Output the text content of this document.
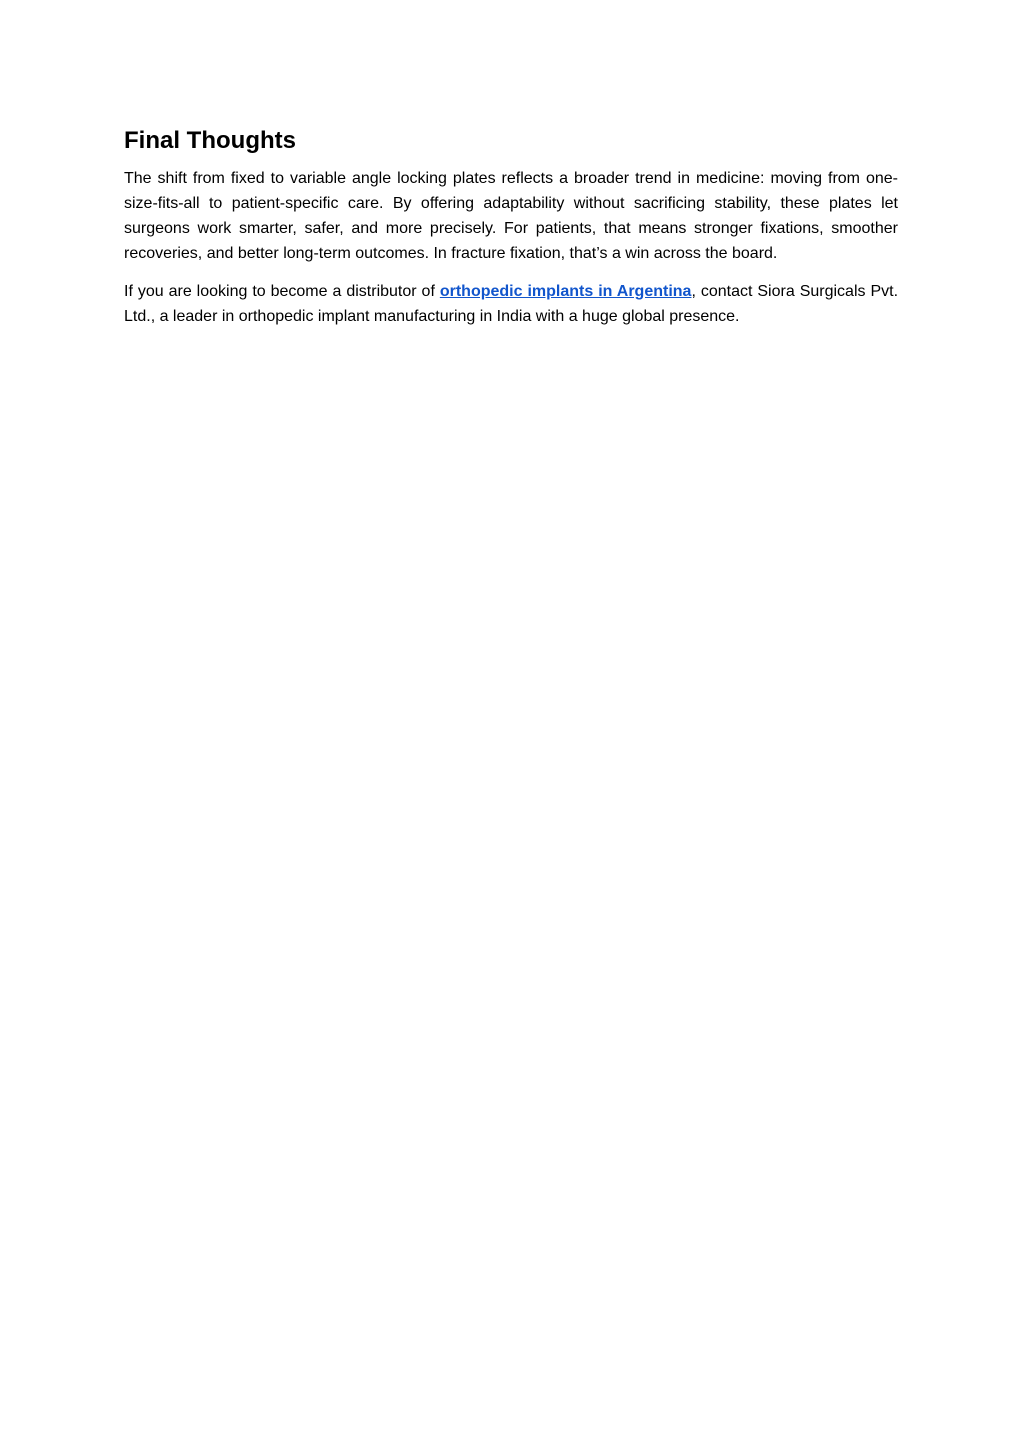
Final Thoughts

The shift from fixed to variable angle locking plates reflects a broader trend in medicine: moving from one-size-fits-all to patient-specific care. By offering adaptability without sacrificing stability, these plates let surgeons work smarter, safer, and more precisely. For patients, that means stronger fixations, smoother recoveries, and better long-term outcomes. In fracture fixation, that’s a win across the board.

If you are looking to become a distributor of orthopedic implants in Argentina, contact Siora Surgicals Pvt. Ltd., a leader in orthopedic implant manufacturing in India with a huge global presence.
